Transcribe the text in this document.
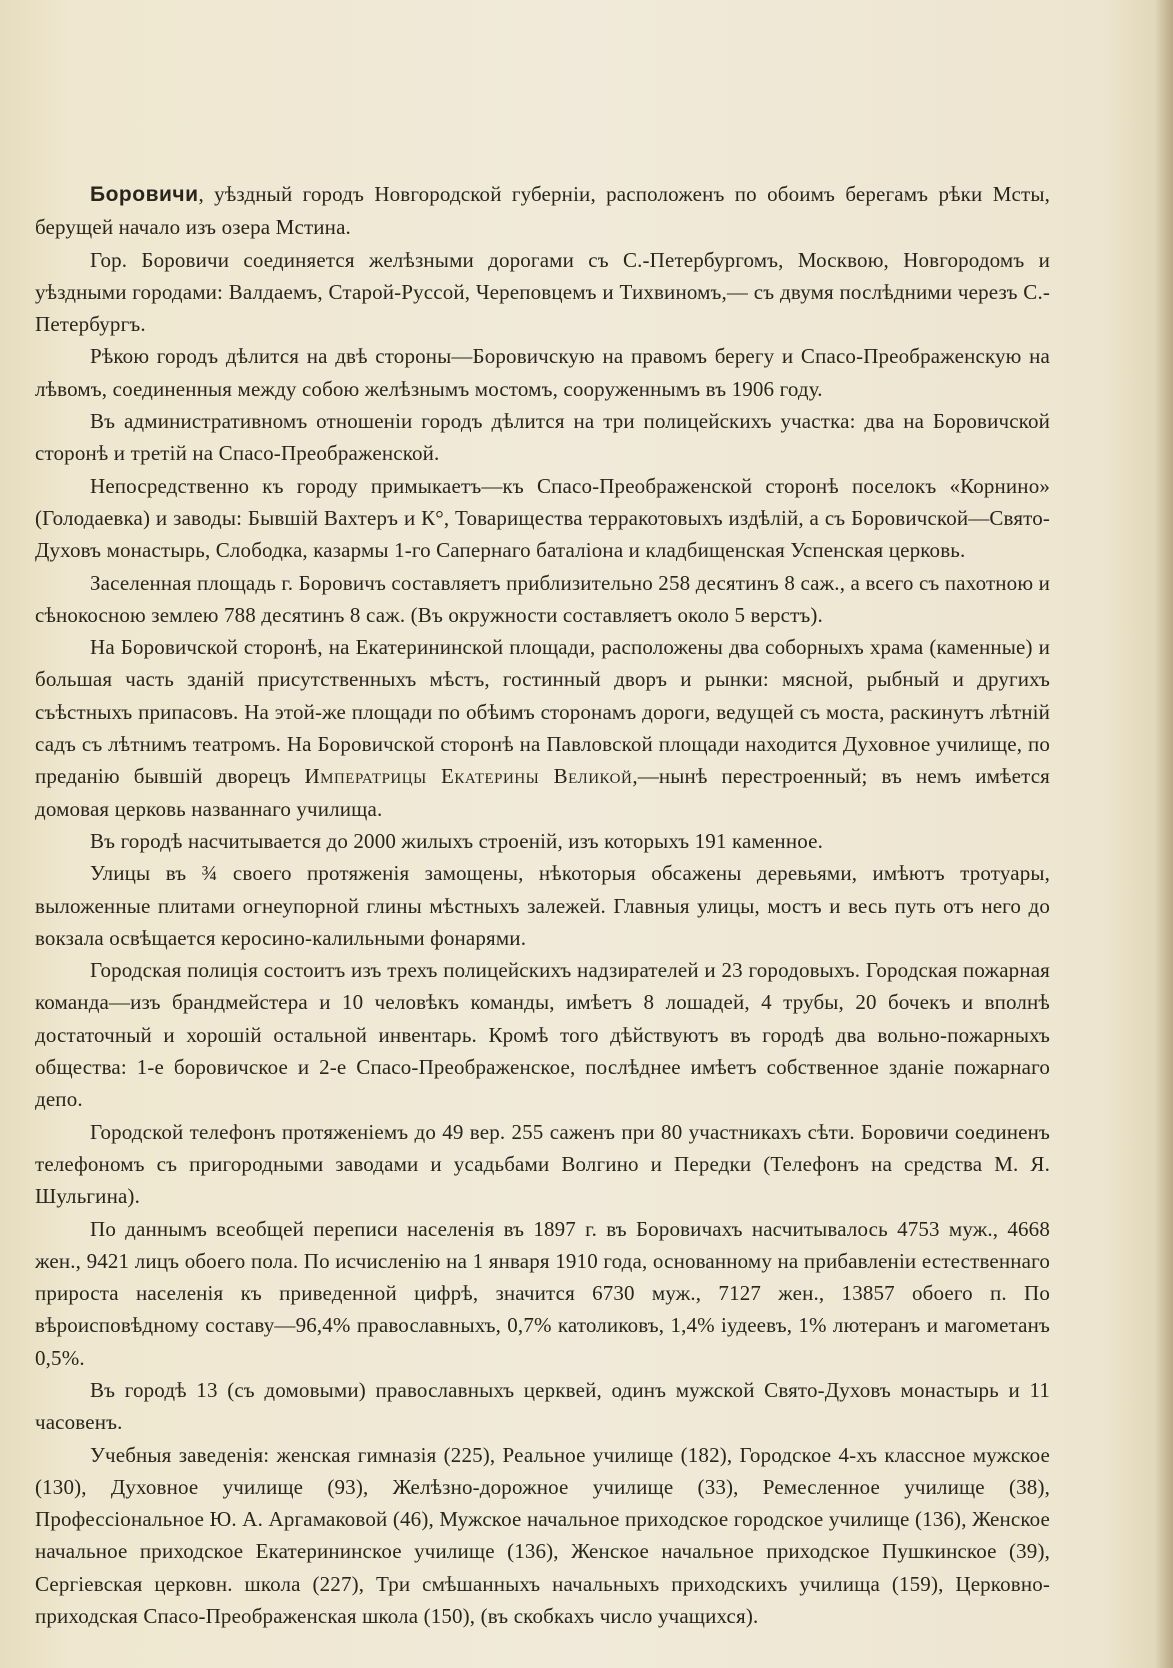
Боровичи, уѣздный городъ Новгородской губерніи, расположенъ по обоимъ берегамъ рѣки Мсты, берущей начало изъ озера Мстина.

Гор. Боровичи соединяется желѣзными дорогами съ С.-Петербургомъ, Москвою, Новгородомъ и уѣздными городами: Валдаемъ, Старой-Руссой, Череповцемъ и Тихвиномъ,— съ двумя послѣдними черезъ С.-Петербургъ.

Рѣкою городъ дѣлится на двѣ стороны—Боровичскую на правомъ берегу и Спасо-Преображенскую на лѣвомъ, соединенныя между собою желѣзнымъ мостомъ, сооруженнымъ въ 1906 году.

Въ административномъ отношеніи городъ дѣлится на три полицейскихъ участка: два на Боровичской сторонѣ и третій на Спасо-Преображенской.

Непосредственно къ городу примыкаетъ—къ Спасо-Преображенской сторонѣ поселокъ «Корнино» (Голодаевка) и заводы: Бывшій Вахтеръ и К°, Товарищества терракотовыхъ издѣлій, а съ Боровичской—Свято-Духовъ монастырь, Слободка, казармы 1-го Сапернаго баталіона и кладбищенская Успенская церковь.

Заселенная площадь г. Боровичъ составляетъ приблизительно 258 десятинъ 8 саж., а всего съ пахотною и сѣнокосною землею 788 десятинъ 8 саж. (Въ окружности составляетъ около 5 верстъ).

На Боровичской сторонѣ, на Екатерининской площади, расположены два соборныхъ храма (каменные) и большая часть зданій присутственныхъ мѣстъ, гостинный дворъ и рынки: мясной, рыбный и другихъ съѣстныхъ припасовъ. На этой-же площади по обѣимъ сторонамъ дороги, ведущей съ моста, раскинутъ лѣтній садъ съ лѣтнимъ театромъ. На Боровичской сторонѣ на Павловской площади находится Духовное училище, по преданію бывшій дворецъ Императрицы Екатерины Великой,—нынѣ перестроенный; въ немъ имѣется домовая церковь названнаго училища.

Въ городѣ насчитывается до 2000 жилыхъ строеній, изъ которыхъ 191 каменное.

Улицы въ ¾ своего протяженія замощены, нѣкоторыя обсажены деревьями, имѣютъ тротуары, выложенные плитами огнеупорной глины мѣстныхъ залежей. Главныя улицы, мостъ и весь путь отъ него до вокзала освѣщается керосино-калильными фонарями.

Городская полиція состоитъ изъ трехъ полицейскихъ надзирателей и 23 городовыхъ. Городская пожарная команда—изъ брандмейстера и 10 человѣкъ команды, имѣетъ 8 лошадей, 4 трубы, 20 бочекъ и вполнѣ достаточный и хорошій остальной инвентарь. Кромѣ того дѣйствуютъ въ городѣ два вольно-пожарныхъ общества: 1-е боровичское и 2-е Спасо-Преображенское, послѣднее имѣетъ собственное зданіе пожарнаго депо.

Городской телефонъ протяженіемъ до 49 вер. 255 саженъ при 80 участникахъ сѣти. Боровичи соединенъ телефономъ съ пригородными заводами и усадьбами Волгино и Передки (Телефонъ на средства М. Я. Шульгина).

По даннымъ всеобщей переписи населенія въ 1897 г. въ Боровичахъ насчитывалось 4753 муж., 4668 жен., 9421 лицъ обоего пола. По исчисленію на 1 января 1910 года, основанному на прибавленіи естественнаго прироста населенія къ приведенной цифрѣ, значится 6730 муж., 7127 жен., 13857 обоего п. По вѣроисповѣдному составу—96,4% православныхъ, 0,7% католиковъ, 1,4% іудеевъ, 1% лютеранъ и магометанъ 0,5%.

Въ городѣ 13 (съ домовыми) православныхъ церквей, одинъ мужской Свято-Духовъ монастырь и 11 часовенъ.

Учебныя заведенія: женская гимназія (225), Реальное училище (182), Городское 4-хъ классное мужское (130), Духовное училище (93), Желѣзно-дорожное училище (33), Ремесленное училище (38), Профессіональное Ю. А. Аргамаковой (46), Мужское начальное приходское городское училище (136), Женское начальное приходское Екатерининское училище (136), Женское начальное приходское Пушкинское (39), Сергіевская церковн. школа (227), Три смѣшанныхъ начальныхъ приходскихъ училища (159), Церковно-приходская Спасо-Преображенская школа (150), (въ скобкахъ число учащихся).
